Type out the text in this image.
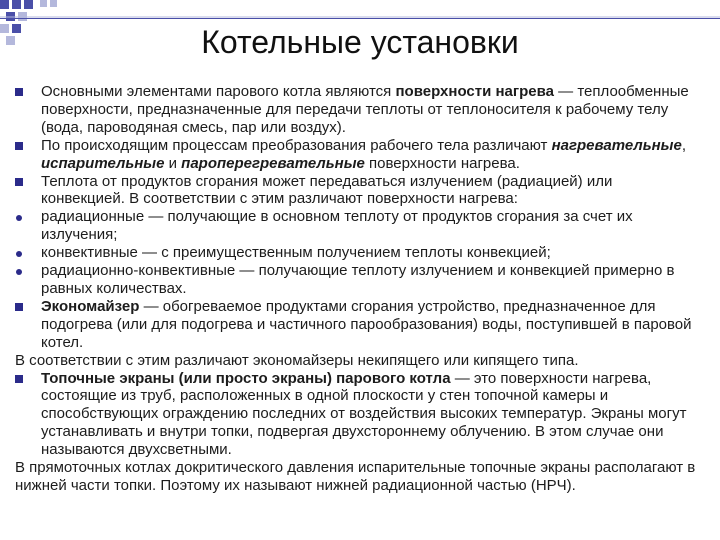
Котельные установки
Основными элементами парового котла являются поверхности нагрева — теплообменные поверхности, предназначенные для передачи теплоты от теплоносителя к рабочему телу (вода, пароводяная смесь, пар или воздух).
По происходящим процессам преобразования рабочего тела различают нагревательные, испарительные и пароперегревательные поверхности нагрева.
Теплота от продуктов сгорания может передаваться излучением (радиацией) или конвекцией. В соответствии с этим различают поверхности нагрева:
радиационные — получающие в основном теплоту от продуктов сгорания за счет их излучения;
конвективные — с преимущественным получением теплоты конвекцией;
радиационно-конвективные — получающие теплоту излучением и конвекцией примерно в равных количествах.
Экономайзер — обогреваемое продуктами сгорания устройство, предназначенное для подогрева (или для подогрева и частичного парообразования) воды, поступившей в паровой котел.
В соответствии с этим различают экономайзеры некипящего или кипящего типа.
Топочные экраны (или просто экраны) парового котла — это поверхности нагрева, состоящие из труб, расположенных в одной плоскости у стен топочной камеры и способствующих ограждению последних от воздействия высоких температур. Экраны могут устанавливать и внутри топки, подвергая двухстороннему облучению. В этом случае они называются двухсветными.
В прямоточных котлах докритического давления испарительные топочные экраны располагают в нижней части топки. Поэтому их называют нижней радиационной частью (НРЧ).
